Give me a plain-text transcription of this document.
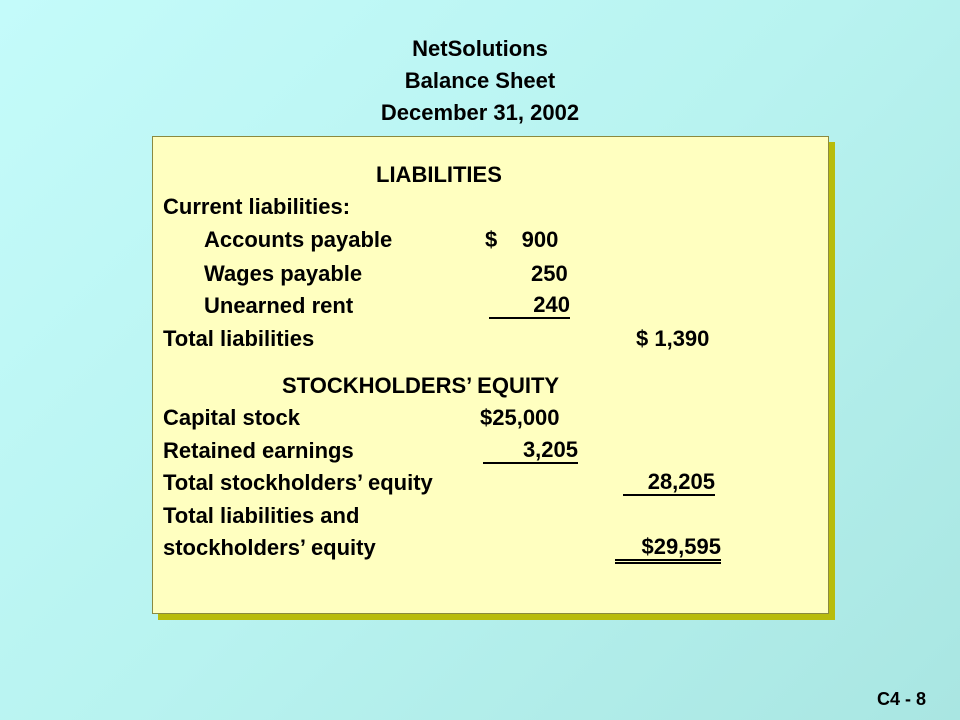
NetSolutions
Balance Sheet
December 31, 2002
LIABILITIES
Current liabilities:
Accounts payable	$    900
Wages payable	250
Unearned rent	240
Total liabilities	$ 1,390
STOCKHOLDERS’ EQUITY
Capital stock	$25,000
Retained earnings	3,205
Total stockholders’ equity	28,205
Total liabilities and
stockholders’ equity	$29,595
C4 - 8
